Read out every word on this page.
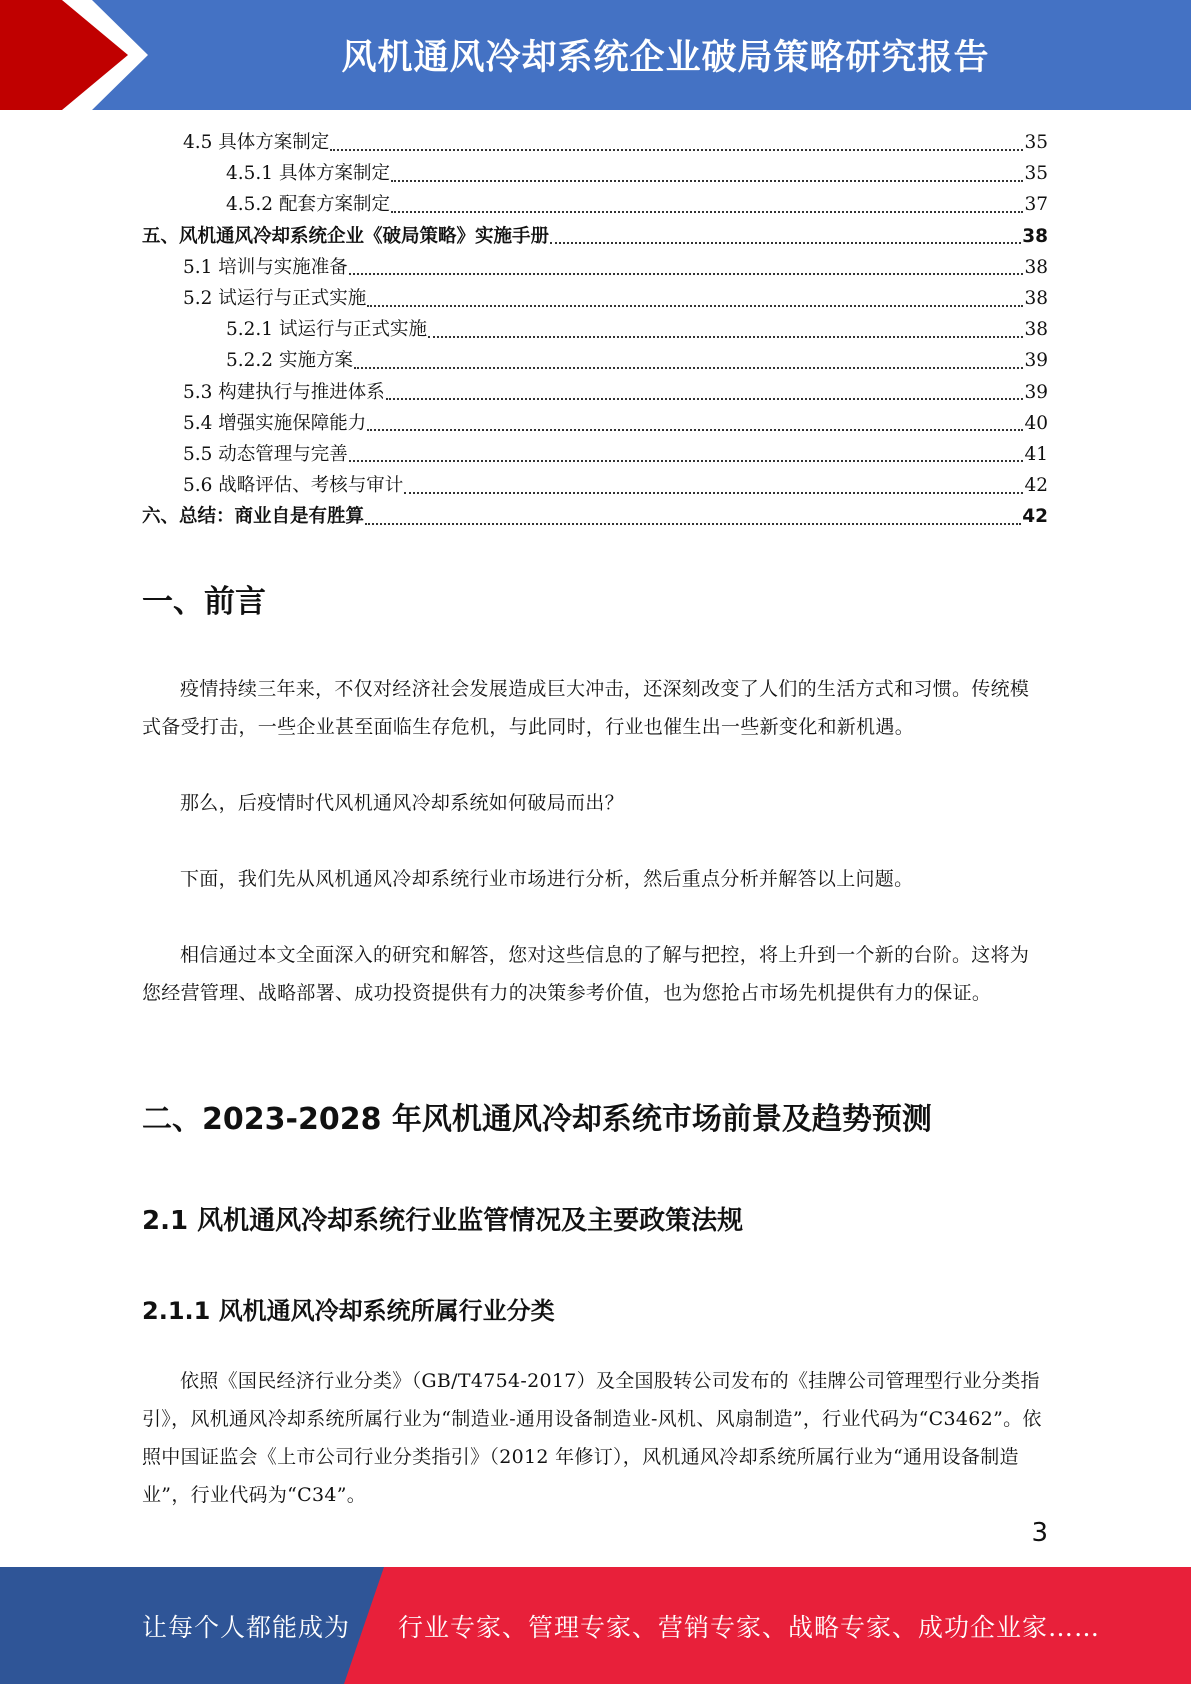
风机通风冷却系统企业破局策略研究报告
4.5 具体方案制定	35
4.5.1 具体方案制定	35
4.5.2 配套方案制定	37
五、风机通风冷却系统企业《破局策略》实施手册	38
5.1 培训与实施准备	38
5.2 试运行与正式实施	38
5.2.1 试运行与正式实施	38
5.2.2 实施方案	39
5.3 构建执行与推进体系	39
5.4 增强实施保障能力	40
5.5 动态管理与完善	41
5.6 战略评估、考核与审计	42
六、总结：商业自是有胜算	42
一、前言

疫情持续三年来，不仅对经济社会发展造成巨大冲击，还深刻改变了人们的生活方式和习惯。传统模式备受打击，一些企业甚至面临生存危机，与此同时，行业也催生出一些新变化和新机遇。

那么，后疫情时代风机通风冷却系统如何破局而出？

下面，我们先从风机通风冷却系统行业市场进行分析，然后重点分析并解答以上问题。

相信通过本文全面深入的研究和解答，您对这些信息的了解与把控，将上升到一个新的台阶。这将为您经营管理、战略部署、成功投资提供有力的决策参考价值，也为您抢占市场先机提供有力的保证。

二、2023-2028 年风机通风冷却系统市场前景及趋势预测
2.1 风机通风冷却系统行业监管情况及主要政策法规
2.1.1 风机通风冷却系统所属行业分类

依照《国民经济行业分类》（GB/T4754-2017）及全国股转公司发布的《挂牌公司管理型行业分类指引》，风机通风冷却系统所属行业为“制造业-通用设备制造业-风机、风扇制造”，行业代码为“C3462”。依照中国证监会《上市公司行业分类指引》（2012 年修订），风机通风冷却系统所属行业为“通用设备制造业”，行业代码为“C34”。

3
让每个人都能成为 行业专家、管理专家、营销专家、战略专家、成功企业家……
